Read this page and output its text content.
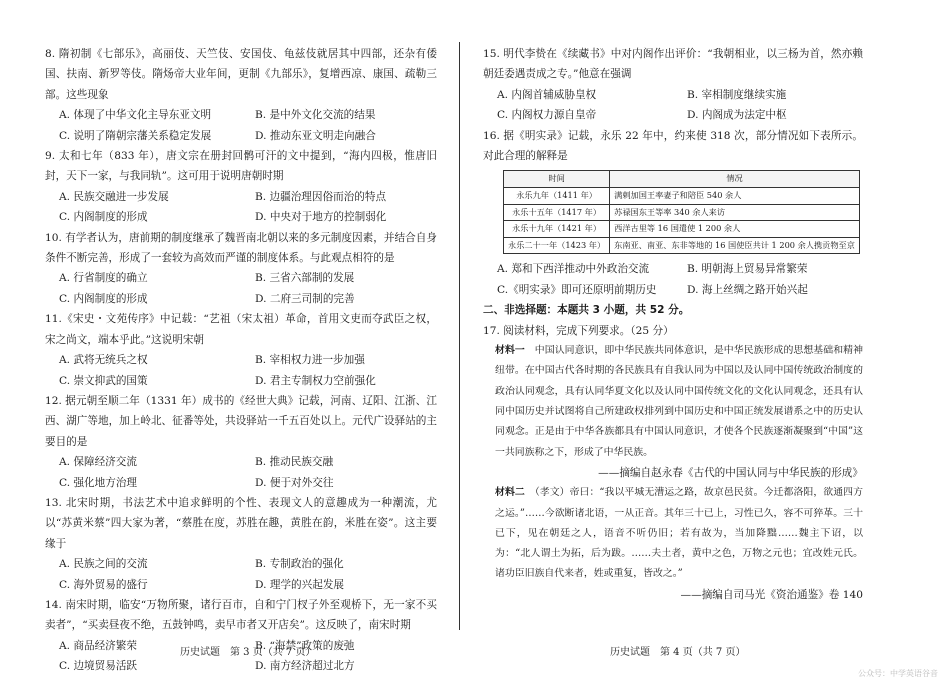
8. 隋初制《七部乐》，高丽伎、天竺伎、安国伎、龟兹伎就居其中四部，还杂有倭国、扶南、新罗等伎。隋炀帝大业年间，更制《九部乐》，复增西凉、康国、疏勒三部。这些现象

A. 体现了中华文化主导东亚文明	B. 是中外文化交流的结果
C. 说明了隋朝宗藩关系稳定发展	D. 推动东亚文明走向融合

9. 太和七年（833 年），唐文宗在册封回鹘可汗的文中提到，“海内四极，惟唐旧封，天下一家，与我同轨”。这可用于说明唐朝时期

A. 民族交融进一步发展	B. 边疆治理因俗而治的特点
C. 内阁制度的形成	D. 中央对于地方的控制弱化

10. 有学者认为，唐前期的制度继承了魏晋南北朝以来的多元制度因素，并结合自身条件不断完善，形成了一套较为高效而严谨的制度体系。与此观点相符的是

A. 行省制度的确立	B. 三省六部制的发展
C. 内阁制度的形成	D. 二府三司制的完善

11.《宋史・文苑传序》中记载：“艺祖（宋太祖）革命，首用文吏而夺武臣之权，宋之尚文，端本乎此。”这说明宋朝

A. 武将无统兵之权	B. 宰相权力进一步加强
C. 崇文抑武的国策	D. 君主专制权力空前强化

12. 据元朝至顺二年（1331 年）成书的《经世大典》记载，河南、辽阳、江浙、江西、湖广等地，加上岭北、征番等处，共设驿站一千五百处以上。元代广设驿站的主要目的是

A. 保障经济交流	B. 推动民族交融
C. 强化地方治理	D. 便于对外交往

13. 北宋时期，书法艺术中追求鲜明的个性、表现文人的意趣成为一种潮流，尤以“苏黄米蔡”四大家为著，“蔡胜在度，苏胜在趣，黄胜在韵，米胜在姿”。这主要缘于

A. 民族之间的交流	B. 专制政治的强化
C. 海外贸易的盛行	D. 理学的兴起发展

14. 南宋时期，临安“万物所聚，诸行百市，自和宁门杈子外至观桥下，无一家不买卖者”，“买卖昼夜不绝，五鼓钟鸣，卖早市者又开店矣”。这反映了，南宋时期

A. 商品经济繁荣	B. “海禁”政策的废弛
C. 边境贸易活跃	D. 南方经济超过北方

15. 明代李贽在《续藏书》中对内阁作出评价：“我朝相业，以三杨为首，然亦赖朝廷委遇责成之专。”他意在强调

A. 内阁首辅威胁皇权	B. 宰相制度继续实施
C. 内阁权力源自皇帝	D. 内阁成为法定中枢

16. 据《明实录》记载，永乐 22 年中，约来使 318 次，部分情况如下表所示。对此合理的解释是

时间	情况
永乐九年（1411 年）	满剌加国王率妻子和陪臣 540 余人
永乐十五年（1417 年）	苏禄国东王等率 340 余人来访
永乐十九年（1421 年）	西洋古里等 16 国遣使 1 200 余人
永乐二十一年（1423 年）	东南亚、南亚、东非等地的 16 国使臣共计 1 200 余人携贡物至京
A. 郑和下西洋推动中外政治交流	B. 明朝海上贸易异常繁荣
C.《明实录》即可还原明前期历史	D. 海上丝绸之路开始兴起

二、非选择题：本题共 3 小题，共 52 分。

17. 阅读材料，完成下列要求。（25 分）

材料一　 中国认同意识，即中华民族共同体意识，是中华民族形成的思想基础和精神纽带。在中国古代各时期的各民族具有自我认同为中国以及认同中国传统政治制度的政治认同观念，具有认同华夏文化以及认同中国传统文化的文化认同观念，还具有认同中国历史并试图将自己所建政权排列到中国历史和中国正统发展谱系之中的历史认同观念。正是由于中华各族都具有中国认同意识，才使各个民族逐渐凝聚到“中国”这一共同族称之下，形成了中华民族。

——摘编自赵永春《古代的中国认同与中华民族的形成》

材料二　 （孝文）帝曰：“我以平城无漕运之路，故京邑民贫。今迁都洛阳，欲通四方之运。”……今欲断诸北语，一从正音。其年三十已上，习性已久，容不可猝革。三十已下，见在朝廷之人，语音不听仍旧；若有故为，当加降黜……魏主下诏，以为：“北人谓土为拓，后为跋。……夫土者，黄中之色，万物之元也；宜改姓元氏。诸功臣旧族自代来者，姓或重复，皆改之。”

——摘编自司马光《资治通鉴》卷 140

历史试题　第 3 页（共 7 页）	历史试题　第 4 页（共 7 页）
公众号：中学英语谷音
